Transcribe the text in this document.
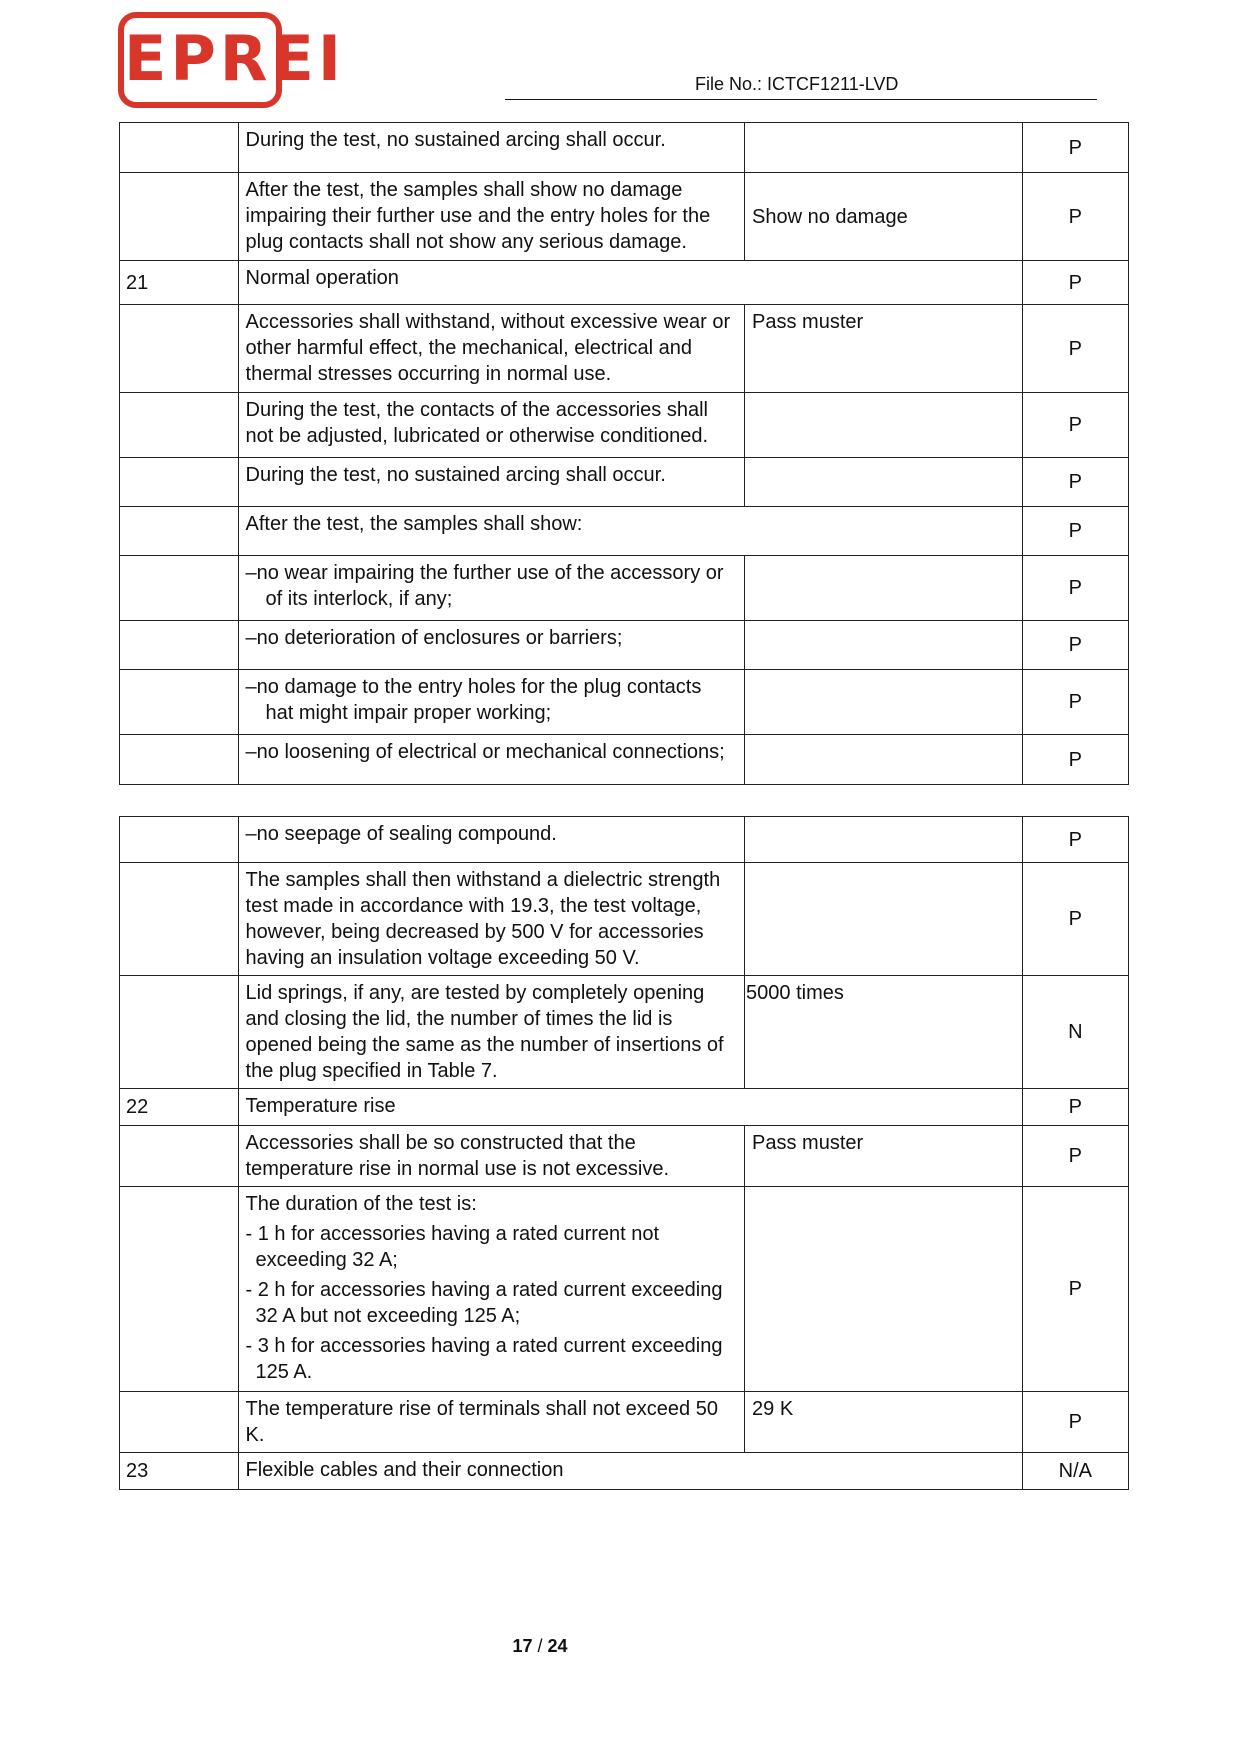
EPREI	File No.: ICTCF1211-LVD
	During the test, no sustained arcing shall occur.		P
	After the test, the samples shall show no damage impairing their further use and the entry holes for the plug contacts shall not show any serious damage.	Show no damage	P
21	Normal operation		P
	Accessories shall withstand, without excessive wear or other harmful effect, the mechanical, electrical and thermal stresses occurring in normal use.	Pass muster	P
	During the test, the contacts of the accessories shall not be adjusted, lubricated or otherwise conditioned.		P
	During the test, no sustained arcing shall occur.		P
	After the test, the samples shall show:		P
	–no wear impairing the further use of the accessory or
of its interlock, if any;		P
	–no deterioration of enclosures or barriers;		P
	–no damage to the entry holes for the plug contacts
hat might impair proper working;		P
	–no loosening of electrical or mechanical connections;		P
	–no seepage of sealing compound.		P
	The samples shall then withstand a dielectric strength test made in accordance with 19.3, the test voltage, however, being decreased by 500 V for accessories having an insulation voltage exceeding 50 V.		P
	Lid springs, if any, are tested by completely opening and closing the lid, the number of times the lid is opened being the same as the number of insertions of the plug specified in Table 7.	5000 times	N
22	Temperature rise		P
	Accessories shall be so constructed that the temperature rise in normal use is not excessive.	Pass muster	P

	The duration of the test is:
- 1 h for accessories having a rated current not exceeding 32 A;
- 2 h for accessories having a rated current exceeding 32 A but not exceeding 125 A;
- 3 h for accessories having a rated current exceeding 125 A.		P
	The temperature rise of terminals shall not exceed 50 K.	29 K	P
23	Flexible cables and their connection		N/A
17 / 24
